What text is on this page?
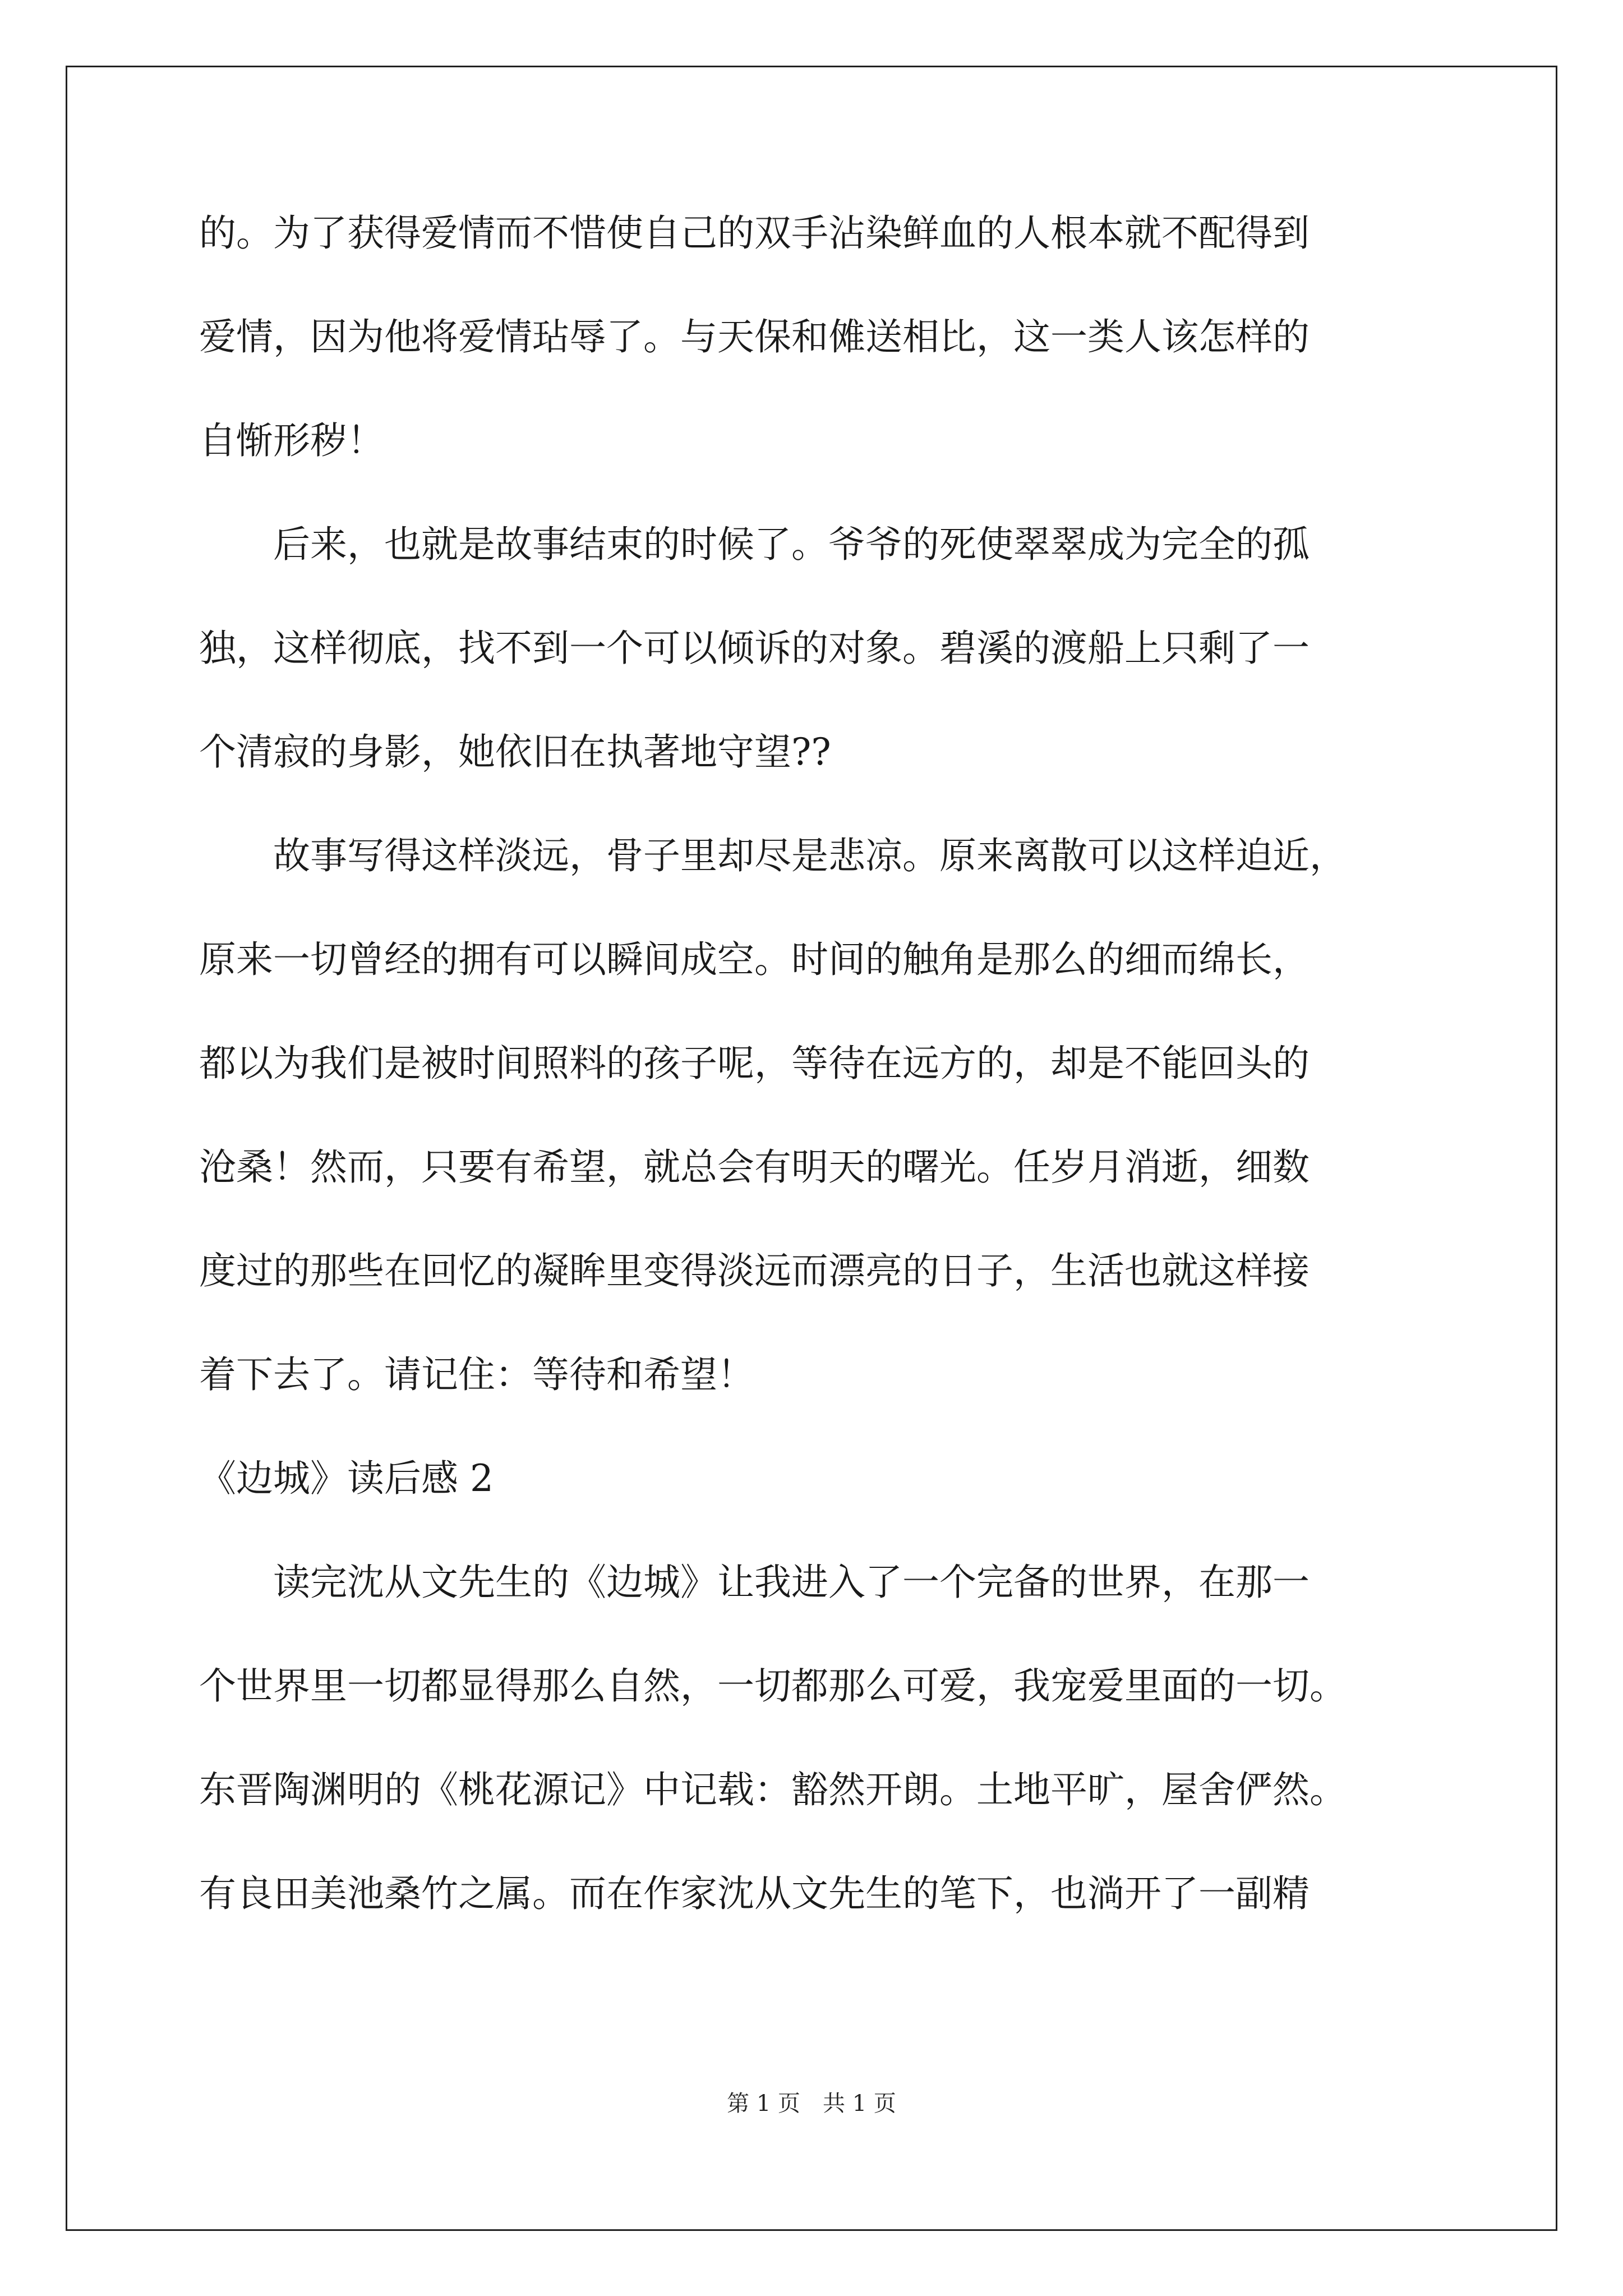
的。为了获得爱情而不惜使自己的双手沾染鲜血的人根本就不配得到

爱情，因为他将爱情玷辱了。与天保和傩送相比，这一类人该怎样的

自惭形秽！

后来，也就是故事结束的时候了。爷爷的死使翠翠成为完全的孤

独，这样彻底，找不到一个可以倾诉的对象。碧溪的渡船上只剩了一

个清寂的身影，她依旧在执著地守望??

故事写得这样淡远，骨子里却尽是悲凉。原来离散可以这样迫近，

原来一切曾经的拥有可以瞬间成空。时间的触角是那么的细而绵长，

都以为我们是被时间照料的孩子呢，等待在远方的，却是不能回头的

沧桑！然而，只要有希望，就总会有明天的曙光。任岁月消逝，细数

度过的那些在回忆的凝眸里变得淡远而漂亮的日子，生活也就这样接

着下去了。请记住：等待和希望！

《边城》读后感 2

读完沈从文先生的《边城》让我进入了一个完备的世界，在那一

个世界里一切都显得那么自然，一切都那么可爱，我宠爱里面的一切。

东晋陶渊明的《桃花源记》中记载：豁然开朗。土地平旷，屋舍俨然。

有良田美池桑竹之属。而在作家沈从文先生的笔下，也淌开了一副精

第 1 页　共 1 页
